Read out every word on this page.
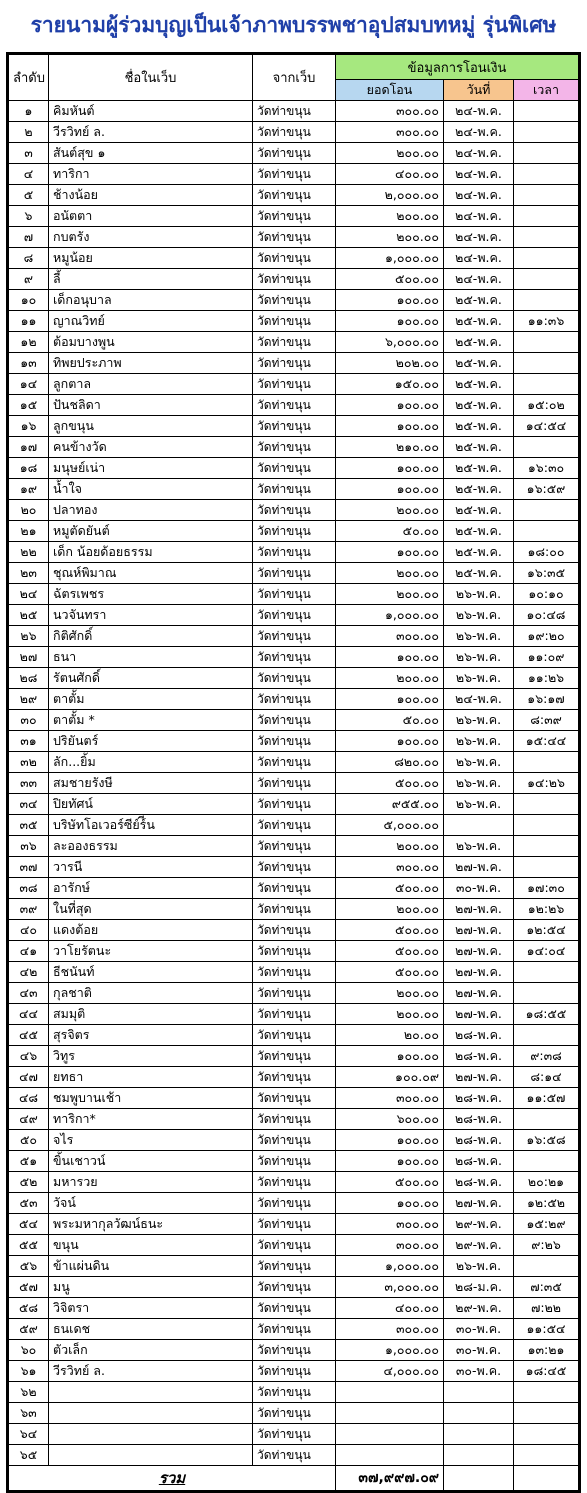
รายนามผู้ร่วมบุญเป็นเจ้าภาพบรรพชาอุปสมบทหมู่ รุ่นพิเศษ
ลำดับ	ชื่อในเว็บ	จากเว็บ	ข้อมูลการโอนเงิน		
			ยอดโอน	วันที่	เวลา
๑	คิมหันต์	วัดท่าขนุน	๓๐๐.๐๐	๒๔-พ.ค.	
๒	วีรวิทย์ ล.	วัดท่าขนุน	๓๐๐.๐๐	๒๔-พ.ค.	
๓	สันต์สุข ๑	วัดท่าขนุน	๒๐๐.๐๐	๒๔-พ.ค.	
๔	ทาริกา	วัดท่าขนุน	๔๐๐.๐๐	๒๔-พ.ค.	
๕	ช้างน้อย	วัดท่าขนุน	๒,๐๐๐.๐๐	๒๔-พ.ค.	
๖	อนัตตา	วัดท่าขนุน	๒๐๐.๐๐	๒๔-พ.ค.	
๗	กบตรัง	วัดท่าขนุน	๒๐๐.๐๐	๒๔-พ.ค.	
๘	หมูน้อย	วัดท่าขนุน	๑,๐๐๐.๐๐	๒๔-พ.ค.	
๙	ลี้	วัดท่าขนุน	๕๐๐.๐๐	๒๔-พ.ค.	
๑๐	เด็กอนุบาล	วัดท่าขนุน	๑๐๐.๐๐	๒๕-พ.ค.	
๑๑	ญาณวิทย์	วัดท่าขนุน	๑๐๐.๐๐	๒๕-พ.ค.	๑๑:๓๖
๑๒	ต้อมบางพูน	วัดท่าขนุน	๖,๐๐๐.๐๐	๒๕-พ.ค.	
๑๓	ทิพยประภาพ	วัดท่าขนุน	๒๐๒.๐๐	๒๕-พ.ค.	
๑๔	ลูกตาล	วัดท่าขนุน	๑๕๐.๐๐	๒๕-พ.ค.	
๑๕	ปันชลิดา	วัดท่าขนุน	๑๐๐.๐๐	๒๕-พ.ค.	๑๕:๐๒
๑๖	ลูกขนุน	วัดท่าขนุน	๑๐๐.๐๐	๒๕-พ.ค.	๑๔:๕๔
๑๗	คนข้างวัด	วัดท่าขนุน	๒๑๐.๐๐	๒๕-พ.ค.	
๑๘	มนุษย์เน่า	วัดท่าขนุน	๑๐๐.๐๐	๒๕-พ.ค.	๑๖:๓๐
๑๙	น้ำใจ	วัดท่าขนุน	๑๐๐.๐๐	๒๕-พ.ค.	๑๖:๕๙
๒๐	ปลาทอง	วัดท่าขนุน	๒๐๐.๐๐	๒๕-พ.ค.	
๒๑	หมูตัดยันต์	วัดท่าขนุน	๕๐.๐๐	๒๕-พ.ค.	
๒๒	เด็ก น้อยด้อยธรรม	วัดท่าขนุน	๑๐๐.๐๐	๒๕-พ.ค.	๑๘:๐๐
๒๓	ชุณห์พิมาณ	วัดท่าขนุน	๒๐๐.๐๐	๒๕-พ.ค.	๑๖:๓๕
๒๔	ฉัตรเพชร	วัดท่าขนุน	๒๐๐.๐๐	๒๖-พ.ค.	๑๐:๑๐
๒๕	นวจันทรา	วัดท่าขนุน	๑,๐๐๐.๐๐	๒๖-พ.ค.	๑๐:๔๘
๒๖	กิติศักดิ์	วัดท่าขนุน	๓๐๐.๐๐	๒๖-พ.ค.	๑๙:๒๐
๒๗	ธนา	วัดท่าขนุน	๑๐๐.๐๐	๒๖-พ.ค.	๑๑:๐๙
๒๘	รัตนศักดิ์	วัดท่าขนุน	๒๐๐.๐๐	๒๖-พ.ค.	๑๑:๒๖
๒๙	ตาตั้ม	วัดท่าขนุน	๑๐๐.๐๐	๒๔-พ.ค.	๑๖:๑๗
๓๐	ตาตั้ม *	วัดท่าขนุน	๕๐.๐๐	๒๖-พ.ค.	๘:๓๙
๓๑	ปริยันตร์	วัดท่าขนุน	๑๐๐.๐๐	๒๖-พ.ค.	๑๕:๔๔
๓๒	ลัก...ยิ้ม	วัดท่าขนุน	๘๒๐.๐๐	๒๖-พ.ค.	
๓๓	สมชายรังษี	วัดท่าขนุน	๕๐๐.๐๐	๒๖-พ.ค.	๑๔:๒๖
๓๔	ปิยทัศน์	วัดท่าขนุน	๙๕๕.๐๐	๒๖-พ.ค.	
๓๕	บริษัทโอเวอร์ซีย์ร์ีน	วัดท่าขนุน	๕,๐๐๐.๐๐		
๓๖	ละอองธรรม	วัดท่าขนุน	๒๐๐.๐๐	๒๖-พ.ค.	
๓๗	วารนี	วัดท่าขนุน	๓๐๐.๐๐	๒๗-พ.ค.	
๓๘	อารักษ์	วัดท่าขนุน	๕๐๐.๐๐	๓๐-พ.ค.	๑๗:๓๐
๓๙	ในที่สุด	วัดท่าขนุน	๒๐๐.๐๐	๒๗-พ.ค.	๑๒:๒๖
๔๐	แดงต้อย	วัดท่าขนุน	๕๐๐.๐๐	๒๗-พ.ค.	๑๒:๕๔
๔๑	วาโยรัตนะ	วัดท่าขนุน	๕๐๐.๐๐	๒๗-พ.ค.	๑๔:๐๔
๔๒	ธีชนันท์	วัดท่าขนุน	๕๐๐.๐๐	๒๗-พ.ค.	
๔๓	กุลชาติ	วัดท่าขนุน	๒๐๐.๐๐	๒๗-พ.ค.	
๔๔	สมมุติ	วัดท่าขนุน	๒๐๐.๐๐	๒๗-พ.ค.	๑๘:๕๕
๔๕	สุรจิตร	วัดท่าขนุน	๒๐.๐๐	๒๘-พ.ค.	
๔๖	วิทูร	วัดท่าขนุน	๑๐๐.๐๐	๒๘-พ.ค.	๙:๓๘
๔๗	ยทธา	วัดท่าขนุน	๑๐๐.๐๙	๒๗-พ.ค.	๘:๑๔
๔๘	ชมพูบานเช้า	วัดท่าขนุน	๓๐๐.๐๐	๒๘-พ.ค.	๑๑:๕๗
๔๙	ทาริกา*	วัดท่าขนุน	๖๐๐.๐๐	๒๘-พ.ค.	
๕๐	จไร	วัดท่าขนุน	๑๐๐.๐๐	๒๘-พ.ค.	๑๖:๕๘
๕๑	ขิ้นเชาวน์	วัดท่าขนุน	๑๐๐.๐๐	๒๘-พ.ค.	
๕๒	มหารวย	วัดท่าขนุน	๕๐๐.๐๐	๒๘-พ.ค.	๒๐:๒๑
๕๓	วัจน์	วัดท่าขนุน	๑๐๐.๐๐	๒๗-พ.ค.	๑๒:๕๒
๕๔	พระมหากุลวัฒน์ธนะ	วัดท่าขนุน	๓๐๐.๐๐	๒๙-พ.ค.	๑๕:๒๙
๕๕	ขนุน	วัดท่าขนุน	๓๐๐.๐๐	๒๙-พ.ค.	๙:๒๖
๕๖	ข้าแผ่นดิน	วัดท่าขนุน	๑,๐๐๐.๐๐	๒๖-พ.ค.	
๕๗	มนู	วัดท่าขนุน	๓,๐๐๐.๐๐	๒๘-ม.ค.	๗:๓๕
๕๘	วิจิตรา	วัดท่าขนุน	๔๐๐.๐๐	๒๙-พ.ค.	๗:๒๒
๕๙	ธนเดช	วัดท่าขนุน	๓๐๐.๐๐	๓๐-พ.ค.	๑๑:๕๔
๖๐	ตัวเล็ก	วัดท่าขนุน	๑,๐๐๐.๐๐	๓๐-พ.ค.	๑๓:๒๑
๖๑	วีรวิทย์ ล.	วัดท่าขนุน	๔,๐๐๐.๐๐	๓๐-พ.ค.	๑๘:๔๕
๖๒		วัดท่าขนุน			
๖๓		วัดท่าขนุน			
๖๔		วัดท่าขนุน			
๖๕		วัดท่าขนุน			
รวม			๓๗,๙๙๗.๐๙		
